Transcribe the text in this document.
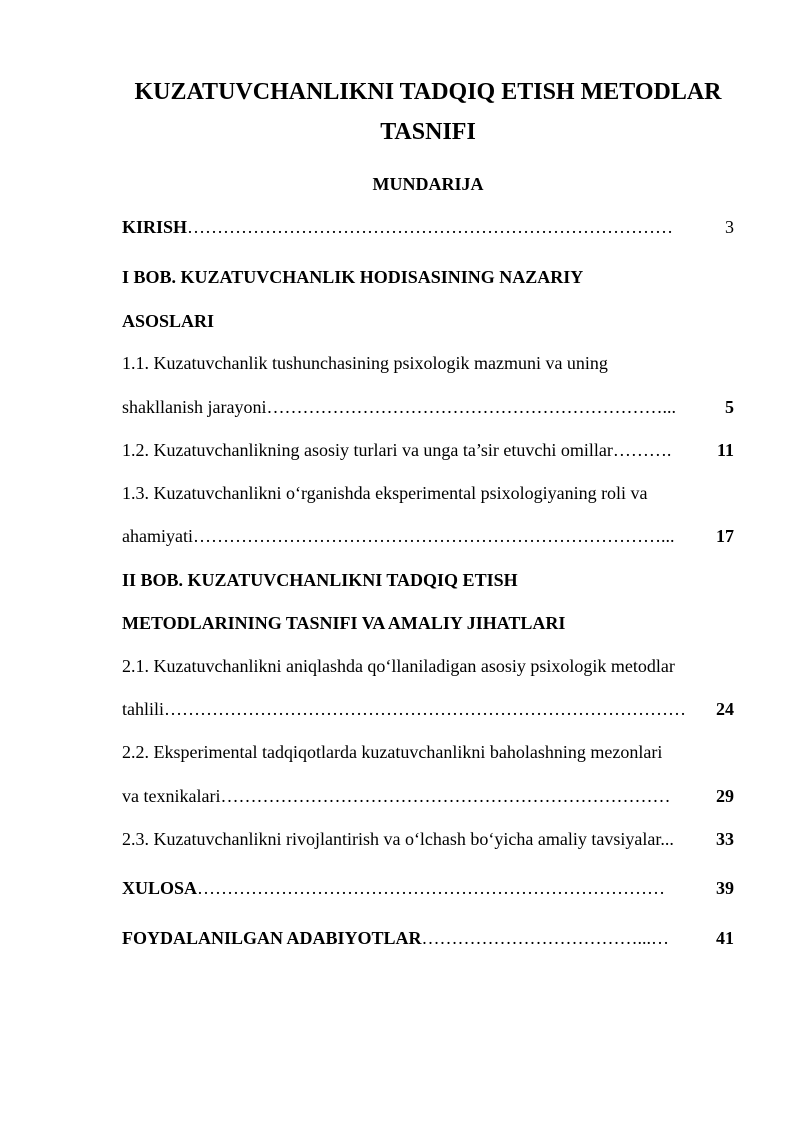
KUZATUVCHANLIKNI TADQIQ ETISH METODLAR
TASNIFI
MUNDARIJA
KIRISH………………………………………………………………………	3
I BOB. KUZATUVCHANLIK HODISASINING NAZARIY
ASOSLARI
1.1. Kuzatuvchanlik tushunchasining psixologik mazmuni va uning
shakllanish jarayoni…………………………………………………………...	5
1.2. Kuzatuvchanlikning asosiy turlari va unga ta’sir etuvchi omillar……….	11
1.3. Kuzatuvchanlikni o‘rganishda eksperimental psixologiyaning roli va
ahamiyati……………………………………………………………………... 17
II BOB. KUZATUVCHANLIKNI TADQIQ ETISH
METODLARINING TASNIFI VA AMALIY JIHATLARI
2.1. Kuzatuvchanlikni aniqlashda qo‘llaniladigan asosiy psixologik metodlar
tahlili…………………………………………………………………………… 24
2.2. Eksperimental tadqiqotlarda kuzatuvchanlikni baholashning mezonlari
va texnikalari…………………………………………………………………	29
2.3. Kuzatuvchanlikni rivojlantirish va o‘lchash bo‘yicha amaliy tavsiyalar... 33
XULOSA……………………………………………………………………	39
FOYDALANILGAN ADABIYOTLAR………………………………...…	41
